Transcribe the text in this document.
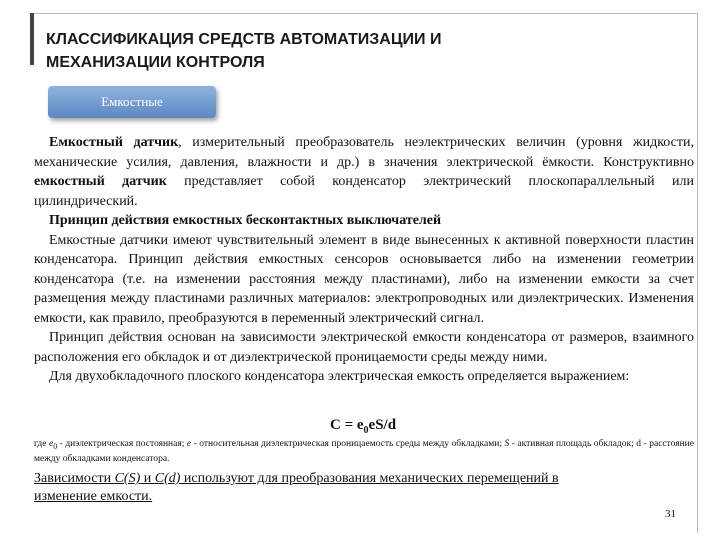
КЛАССИФИКАЦИЯ СРЕДСТВ АВТОМАТИЗАЦИИ И
МЕХАНИЗАЦИИ КОНТРОЛЯ
Емкостные

Емкостный датчик, измерительный преобразователь неэлектрических величин (уровня жидкости, механические усилия, давления, влажности и др.) в значения электрической ёмкости. Конструктивно емкостный датчик представляет собой конденсатор электрический плоскопараллельный или цилиндрический.

Принцип действия емкостных бесконтактных выключателей

Емкостные датчики имеют чувствительный элемент в виде вынесенных к активной поверхности пластин конденсатора. Принцип действия емкостных сенсоров основывается либо на изменении геометрии конденсатора (т.е. на изменении расстояния между пластинами), либо на изменении емкости за счет размещения между пластинами различных материалов: электропроводных или диэлектрических. Изменения емкости, как правило, преобразуются в переменный электрический сигнал.

Принцип действия основан на зависимости электрической емкости конденсатора от размеров, взаимного расположения его обкладок и от диэлектрической проницаемости среды между ними.

Для двухобкладочного плоского конденсатора электрическая емкость определяется выражением:

$C = e_0eS/d$
где $e_0$ - диэлектрическая постоянная; e - относительная диэлектрическая проницаемость среды между обкладками; S - активная площадь обкладок; d - расстояние между обкладками конденсатора.
Зависимости C(S) и C(d) используют для преобразования механических перемещений в
изменение емкости.
31
